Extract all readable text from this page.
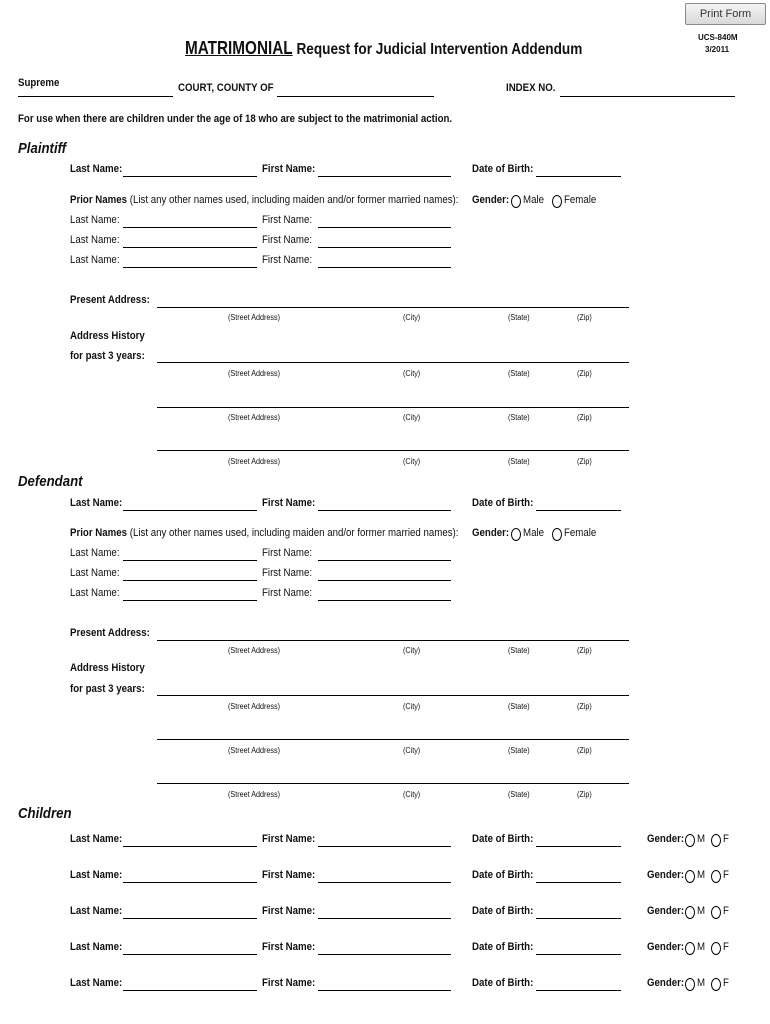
Print Form
UCS-840M
3/2011
MATRIMONIAL Request for Judicial Intervention Addendum
Supreme	COURT, COUNTY OF	INDEX NO.
For use when there are children under the age of 18 who are subject to the matrimonial action.
Plaintiff
Last Name:	First Name:	Date of Birth:
Prior Names (List any other names used, including maiden and/or former married names): Gender: Male Female
Last Name:	First Name:
Last Name:	First Name:
Last Name:	First Name:
Present Address:
(Street Address)	(City)	(State)	(Zip)
Address History
for past 3 years:
(Street Address)	(City)	(State)	(Zip)
(Street Address)	(City)	(State)	(Zip)
(Street Address)	(City)	(State)	(Zip)
Defendant
Last Name:	First Name:	Date of Birth:
Prior Names (List any other names used, including maiden and/or former married names): Gender: Male Female
Last Name:	First Name:
Last Name:	First Name:
Last Name:	First Name:
Present Address:
(Street Address)	(City)	(State)	(Zip)
Address History
for past 3 years:
(Street Address)	(City)	(State)	(Zip)
(Street Address)	(City)	(State)	(Zip)
(Street Address)	(City)	(State)	(Zip)
Children
Last Name:	First Name:	Date of Birth:	Gender: M F
Last Name:	First Name:	Date of Birth:	Gender: M F
Last Name:	First Name:	Date of Birth:	Gender: M F
Last Name:	First Name:	Date of Birth:	Gender: M F
Last Name:	First Name:	Date of Birth:	Gender: M F
